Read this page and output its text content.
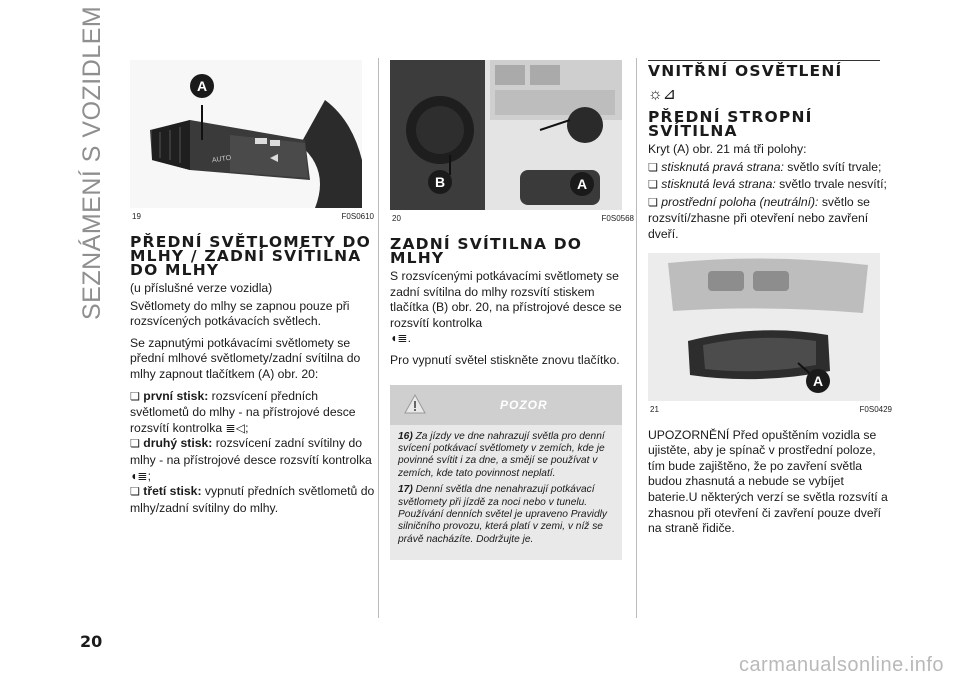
SEZNÁMENÍ S VOZIDLEM	A
AUTO
19	F0S0610
PŘEDNÍ SVĚTLOMETY DO MLHY / ZADNÍ SVÍTILNA DO MLHY

(u příslušné verze vozidla)

Světlomety do mlhy se zapnou pouze při rozsvícených potkávacích světlech.

Se zapnutými potkávacími světlomety se přední mlhové světlomety/zadní svítilna do mlhy zapnout tlačítkem (A) obr. 20:

❏ první stisk: rozsvícení předních světlometů do mlhy - na přístrojové desce rozsvítí kontrolka ≣◁;

❏ druhý stisk: rozsvícení zadní svítilny do mlhy - na přístrojové desce rozsvítí kontrolka ◖≣;

❏ třetí stisk: vypnutí předních světlometů do mlhy/zadní svítilny do mlhy.

B	A
20	F0S0568
ZADNÍ SVÍTILNA DO MLHY

S rozsvícenými potkávacími světlomety se zadní svítilna do mlhy rozsvítí stiskem tlačítka (B) obr. 20, na přístrojové desce se rozsvítí kontrolka
◖≣.

Pro vypnutí světel stiskněte znovu tlačítko.

POZOR

16) Za jízdy ve dne nahrazují světla pro denní svícení potkávací světlomety v zemích, kde je povinné svítit i za dne, a smějí se používat v zemích, kde tato povinnost neplatí.

17) Denní světla dne nenahrazují potkávací světlomety při jízdě za noci nebo v tunelu. Používání denních světel je upraveno Pravidly silničního provozu, která platí v zemi, v níž se právě nacházíte. Dodržujte je.

VNITŘNÍ OSVĚTLENÍ
☼⊿
PŘEDNÍ STROPNÍ SVÍTILNA

Kryt (A) obr. 21 má tři polohy:

❏ stisknutá pravá strana: světlo svítí trvale;

❏ stisknutá levá strana: světlo trvale nesvítí;

❏ prostřední poloha (neutrální): světlo se rozsvítí/zhasne při otevření nebo zavření dveří.

A
21	F0S0429

UPOZORNĚNÍ Před opuštěním vozidla se ujistěte, aby je spínač v prostřední poloze, tím bude zajištěno, že po zavření světla budou zhasnutá a nebude se vybíjet baterie.U některých verzí se světla rozsvítí a zhasnou při otevření či zavření pouze dveří na straně řidiče.

20
carmanualsonline.info
